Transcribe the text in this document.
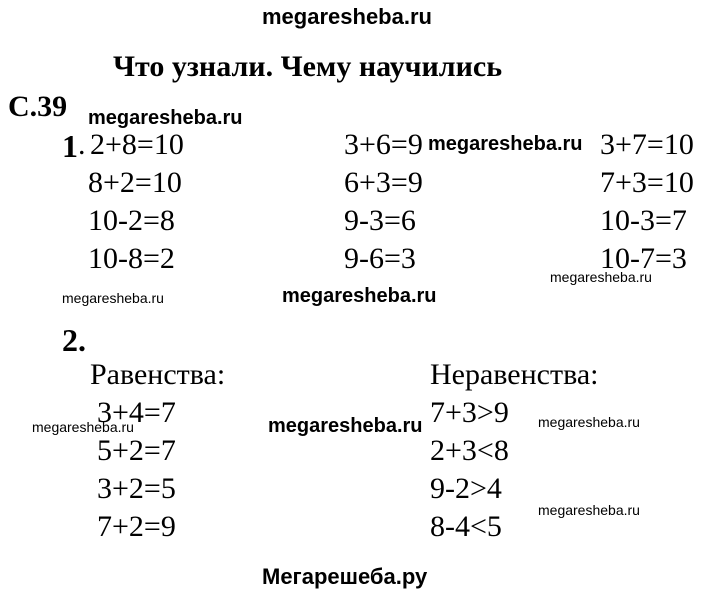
megaresheba.ru
Что узнали. Чему научились
С.39 megaresheba.ru
1 . 2+8=10
8+2=10
10-2=8
10-8=2
3+6=9
6+3=9
9-3=6
9-6=3
megaresheba.ru 3+7=10
7+3=10
10-3=7
10-7=3
megaresheba.ru
megaresheba.ru	megaresheba.ru
2.
Равенства:	Неравенства:
megaresheba.ru
3+4=7
5+2=7
3+2=5
7+2=9
megaresheba.ru 7+3>9
2+3<8
9-2>4
8-4<5
megaresheba.ru
megaresheba.ru
Мегарешеба.ру
